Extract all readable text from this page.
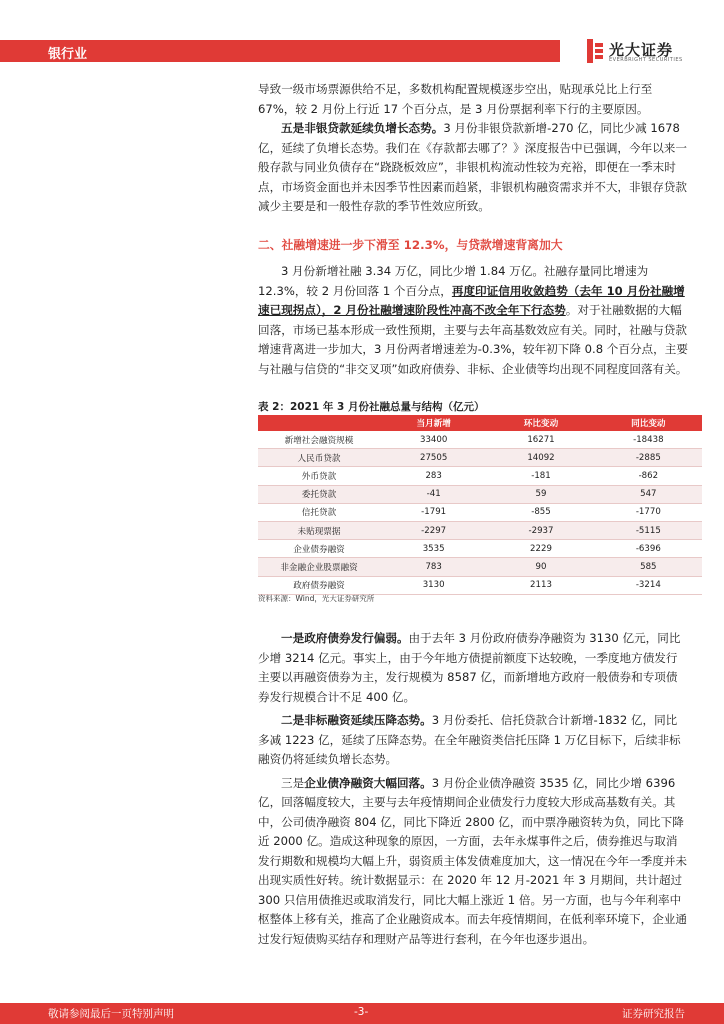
银行业	光大证券
EVERBRIGHT SECURITIES

导致一级市场票源供给不足，多数机构配置规模逐步空出，贴现承兑比上行至67%，较 2 月份上行近 17 个百分点，是 3 月份票据利率下行的主要原因。

五是非银贷款延续负增长态势。3 月份非银贷款新增-270 亿，同比少减 1678 亿，延续了负增长态势。我们在《存款都去哪了？》深度报告中已强调，今年以来一般存款与同业负债存在“跷跷板效应”，非银机构流动性较为充裕，即便在一季末时点，市场资金面也并未因季节性因素而趋紧，非银机构融资需求并不大，非银存贷款减少主要是和一般性存款的季节性效应所致。

二、社融增速进一步下滑至 12.3%，与贷款增速背离加大

3 月份新增社融 3.34 万亿，同比少增 1.84 万亿。社融存量同比增速为 12.3%，较 2 月份回落 1 个百分点，再度印证信用收敛趋势（去年 10 月份社融增速已现拐点），2 月份社融增速阶段性冲高不改全年下行态势。对于社融数据的大幅回落，市场已基本形成一致性预期，主要与去年高基数效应有关。同时，社融与贷款增速背离进一步加大，3 月份两者增速差为-0.3%，较年初下降 0.8 个百分点，主要与社融与信贷的“非交叉项”如政府债券、非标、企业债等均出现不同程度回落有关。

表 2：2021 年 3 月份社融总量与结构（亿元）
	当月新增	环比变动	同比变动
新增社会融资规模	33400	16271	-18438
人民币贷款	27505	14092	-2885
外币贷款	283	-181	-862
委托贷款	-41	59	547
信托贷款	-1791	-855	-1770
未贴现票据	-2297	-2937	-5115
企业债券融资	3535	2229	-6396
非金融企业股票融资	783	90	585
政府债券融资	3130	2113	-3214
资料来源：Wind，光大证券研究所

一是政府债券发行偏弱。由于去年 3 月份政府债券净融资为 3130 亿元，同比少增 3214 亿元。事实上，由于今年地方债提前额度下达较晚，一季度地方债发行主要以再融资债券为主，发行规模为 8587 亿，而新增地方政府一般债券和专项债券发行规模合计不足 400 亿。

二是非标融资延续压降态势。3 月份委托、信托贷款合计新增-1832 亿，同比多减 1223 亿，延续了压降态势。在全年融资类信托压降 1 万亿目标下，后续非标融资仍将延续负增长态势。

三是企业债净融资大幅回落。3 月份企业债净融资 3535 亿，同比少增 6396 亿，回落幅度较大，主要与去年疫情期间企业债发行力度较大形成高基数有关。其中，公司债净融资 804 亿，同比下降近 2800 亿，而中票净融资转为负，同比下降近 2000 亿。造成这种现象的原因，一方面，去年永煤事件之后，债券推迟与取消发行期数和规模均大幅上升，弱资质主体发债难度加大，这一情况在今年一季度并未出现实质性好转。统计数据显示：在 2020 年 12 月-2021 年 3 月期间，共计超过 300 只信用债推迟或取消发行，同比大幅上涨近 1 倍。另一方面，也与今年利率中枢整体上移有关，推高了企业融资成本。而去年疫情期间，在低利率环境下，企业通过发行短债购买结存和理财产品等进行套利，在今年也逐步退出。

敬请参阅最后一页特别声明	-3-	证券研究报告
